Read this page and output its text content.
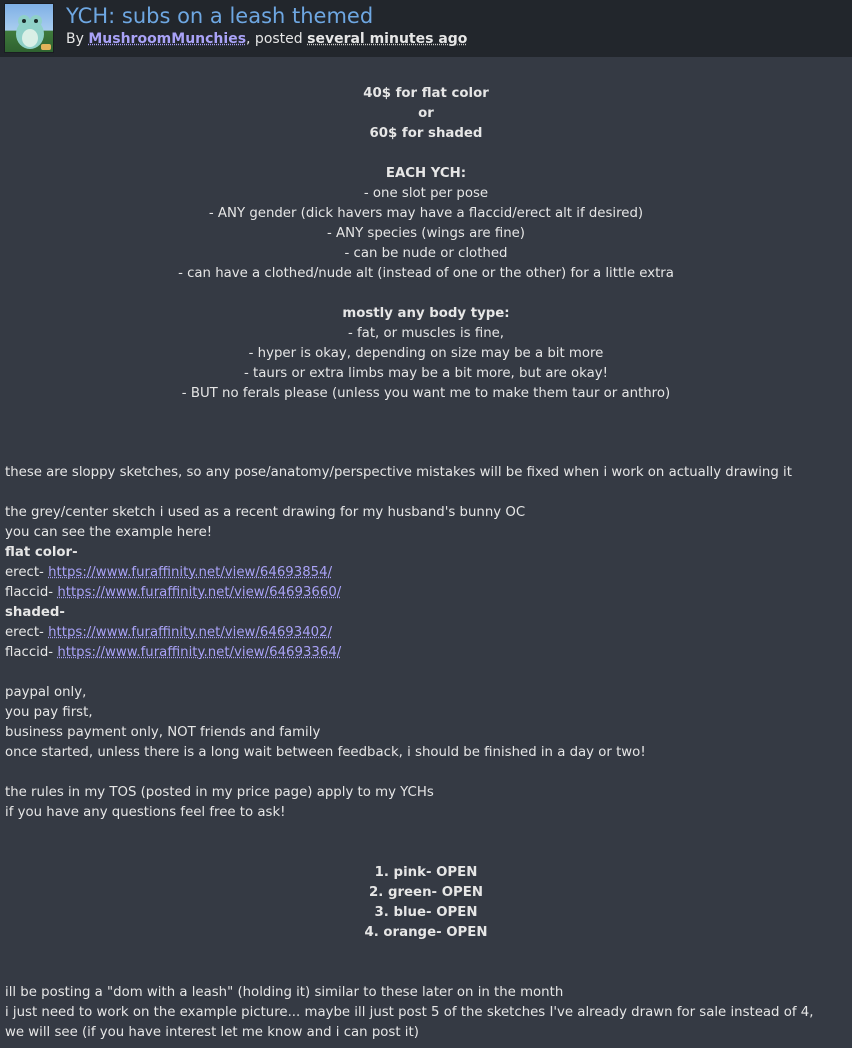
YCH: subs on a leash themed
By MushroomMunchies, posted several minutes ago
40$ for flat color
or
60$ for shaded
EACH YCH:
- one slot per pose
- ANY gender (dick havers may have a flaccid/erect alt if desired)
- ANY species (wings are fine)
- can be nude or clothed
- can have a clothed/nude alt (instead of one or the other) for a little extra
mostly any body type:
- fat, or muscles is fine,
- hyper is okay, depending on size may be a bit more
- taurs or extra limbs may be a bit more, but are okay!
- BUT no ferals please (unless you want me to make them taur or anthro)
these are sloppy sketches, so any pose/anatomy/perspective mistakes will be fixed when i work on actually drawing it
the grey/center sketch i used as a recent drawing for my husband's bunny OC
you can see the example here!
flat color-
erect- https://www.furaffinity.net/view/64693854/
flaccid- https://www.furaffinity.net/view/64693660/
shaded-
erect- https://www.furaffinity.net/view/64693402/
flaccid- https://www.furaffinity.net/view/64693364/
paypal only,
you pay first,
business payment only, NOT friends and family
once started, unless there is a long wait between feedback, i should be finished in a day or two!
the rules in my TOS (posted in my price page) apply to my YCHs
if you have any questions feel free to ask!
1. pink- OPEN
2. green- OPEN
3. blue- OPEN
4. orange- OPEN
ill be posting a "dom with a leash" (holding it) similar to these later on in the month
i just need to work on the example picture... maybe ill just post 5 of the sketches I've already drawn for sale instead of 4,
we will see (if you have interest let me know and i can post it)
